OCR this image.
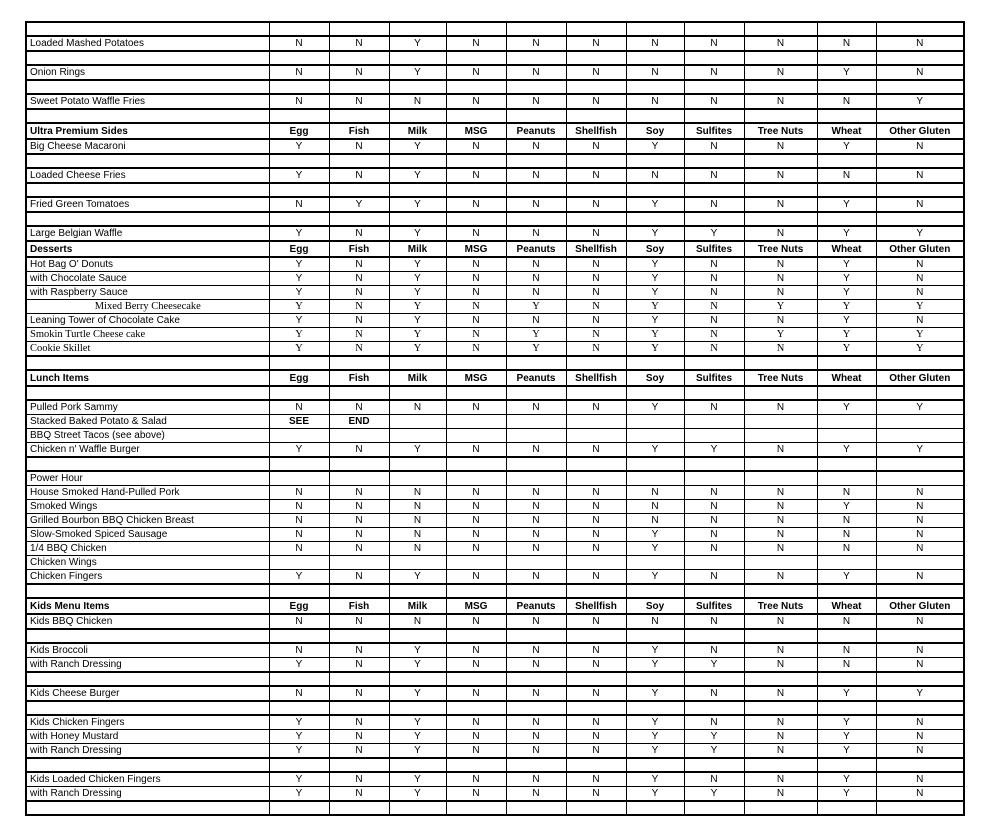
Loaded Mashed Potatoes	N	N	Y	N	N	N	N	N	N	N	N

Onion Rings	N	N	Y	N	N	N	N	N	N	Y	N

Sweet Potato Waffle Fries	N	N	N	N	N	N	N	N	N	N	Y

Ultra Premium Sides	Egg	Fish	Milk	MSG	Peanuts	Shellfish	Soy	Sulfites	Tree Nuts	Wheat	Other Gluten
Big Cheese Macaroni	Y	N	Y	N	N	N	Y	N	N	Y	N

Loaded Cheese Fries	Y	N	Y	N	N	N	N	N	N	N	N

Fried Green Tomatoes	N	Y	Y	N	N	N	Y	N	N	Y	N

Large Belgian Waffle	Y	N	Y	N	N	N	Y	Y	N	Y	Y
Desserts	Egg	Fish	Milk	MSG	Peanuts	Shellfish	Soy	Sulfites	Tree Nuts	Wheat	Other Gluten
Hot Bag O' Donuts	Y	N	Y	N	N	N	Y	N	N	Y	N
with Chocolate Sauce	Y	N	Y	N	N	N	Y	N	N	Y	N
with Raspberry Sauce	Y	N	Y	N	N	N	Y	N	N	Y	N
Mixed Berry Cheesecake	Y	N	Y	N	Y	N	Y	N	Y	Y	Y
Leaning Tower of Chocolate Cake	Y	N	Y	N	N	N	Y	N	N	Y	N
Smokin Turtle Cheese cake	Y	N	Y	N	Y	N	Y	N	Y	Y	Y
Cookie Skillet	Y	N	Y	N	Y	N	Y	N	N	Y	Y

Lunch Items	Egg	Fish	Milk	MSG	Peanuts	Shellfish	Soy	Sulfites	Tree Nuts	Wheat	Other Gluten

Pulled Pork Sammy	N	N	N	N	N	N	Y	N	N	Y	Y
Stacked Baked Potato & Salad	SEE	END									
BBQ Street Tacos (see above)											
Chicken n' Waffle Burger	Y	N	Y	N	N	N	Y	Y	N	Y	Y

Power Hour											
House Smoked Hand-Pulled Pork	N	N	N	N	N	N	N	N	N	N	N
Smoked Wings	N	N	N	N	N	N	N	N	N	Y	N
Grilled Bourbon BBQ Chicken Breast	N	N	N	N	N	N	N	N	N	N	N
Slow-Smoked Spiced Sausage	N	N	N	N	N	N	Y	N	N	N	N
1/4 BBQ Chicken	N	N	N	N	N	N	Y	N	N	N	N
Chicken Wings											
Chicken Fingers	Y	N	Y	N	N	N	Y	N	N	Y	N

Kids Menu Items	Egg	Fish	Milk	MSG	Peanuts	Shellfish	Soy	Sulfites	Tree Nuts	Wheat	Other Gluten
Kids BBQ Chicken	N	N	N	N	N	N	N	N	N	N	N

Kids Broccoli	N	N	Y	N	N	N	Y	N	N	N	N
with Ranch Dressing	Y	N	Y	N	N	N	Y	Y	N	N	N

Kids Cheese Burger	N	N	Y	N	N	N	Y	N	N	Y	Y

Kids Chicken Fingers	Y	N	Y	N	N	N	Y	N	N	Y	N
with Honey Mustard	Y	N	Y	N	N	N	Y	Y	N	Y	N
with Ranch Dressing	Y	N	Y	N	N	N	Y	Y	N	Y	N

Kids Loaded Chicken Fingers	Y	N	Y	N	N	N	Y	N	N	Y	N
with Ranch Dressing	Y	N	Y	N	N	N	Y	Y	N	Y	N
